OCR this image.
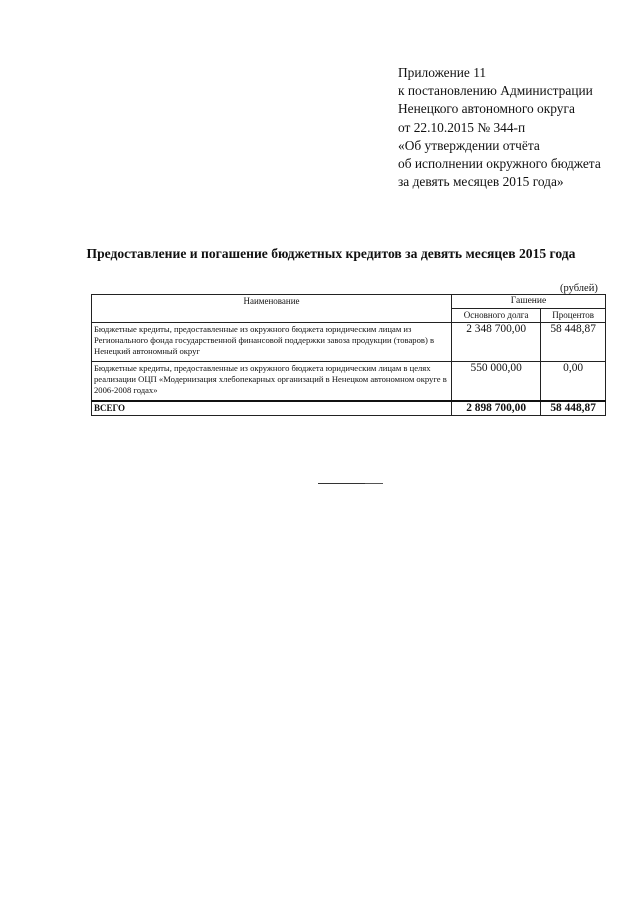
Приложение 11
к постановлению Администрации
Ненецкого автономного округа
от 22.10.2015 № 344-п
«Об утверждении отчёта
об исполнении окружного бюджета
за девять месяцев 2015 года»
Предоставление и погашение бюджетных кредитов за девять месяцев 2015 года
(рублей)
Наименование	Гашение	
	Основного долга	Процентов
Бюджетные кредиты, предоставленные из окружного бюджета юридическим лицам из Регионального фонда государственной финансовой поддержки завоза продукции (товаров) в Ненецкий автономный округ	2 348 700,00	58 448,87
Бюджетные кредиты, предоставленные из окружного бюджета юридическим лицам в целях реализации ОЦП «Модернизация хлебопекарных организаций в Ненецком автономном округе в 2006-2008 годах»	550 000,00	0,00
ВСЕГО	2 898 700,00	58 448,87
